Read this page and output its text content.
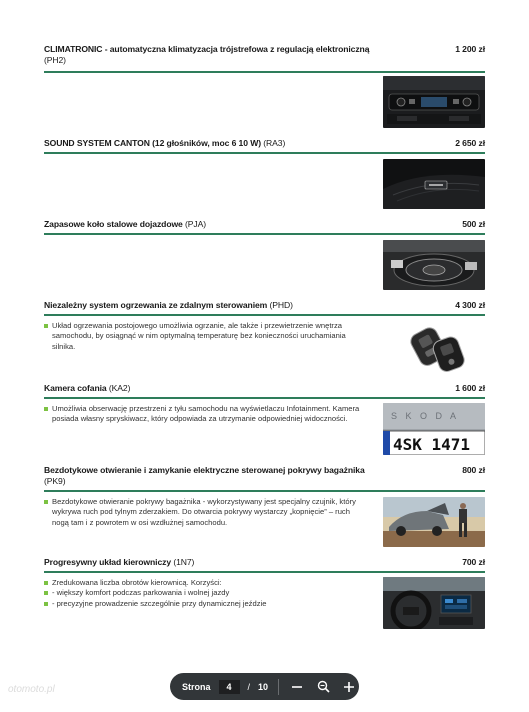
CLIMATRONIC - automatyczna klimatyzacja trójstrefowa z regulacją elektroniczną
(PH2)
1 200 zł
SOUND SYSTEM CANTON (12 głośników, moc 6 10 W) (RA3)	2 650 zł
Zapasowe koło stalowe dojazdowe (PJA)	500 zł
Niezależny system ogrzewania ze zdalnym sterowaniem (PHD)	4 300 zł
Układ ogrzewania postojowego umożliwia ogrzanie, ale także i przewietrzenie wnętrza samochodu, by osiągnąć w nim optymalną temperaturę bez konieczności uruchamiania silnika.
Kamera cofania (KA2)	1 600 zł
Umożliwia obserwację przestrzeni z tyłu samochodu na wyświetlaczu Infotainment. Kamera posiada własny spryskiwacz, który odpowiada za utrzymanie odpowiedniej widoczności.	S K O D A
4SK 1471
Bezdotykowe otwieranie i zamykanie elektryczne sterowanej pokrywy bagażnika
(PK9)
800 zł
Bezdotykowe otwieranie pokrywy bagażnika - wykorzystywany jest specjalny czujnik, który wykrywa ruch pod tylnym zderzakiem. Do otwarcia pokrywy wystarczy „kopnięcie” – ruch nogą tam i z powrotem w osi wzdłużnej samochodu.
Progresywny układ kierowniczy (1N7)	700 zł
Zredukowana liczba obrotów kierownicą. Korzyści:
- większy komfort podczas parkowania i wolnej jazdy
- precyzyjne prowadzenie szczególnie przy dynamicznej jeździe
Strona	4	/ 10
otomoto.pl
